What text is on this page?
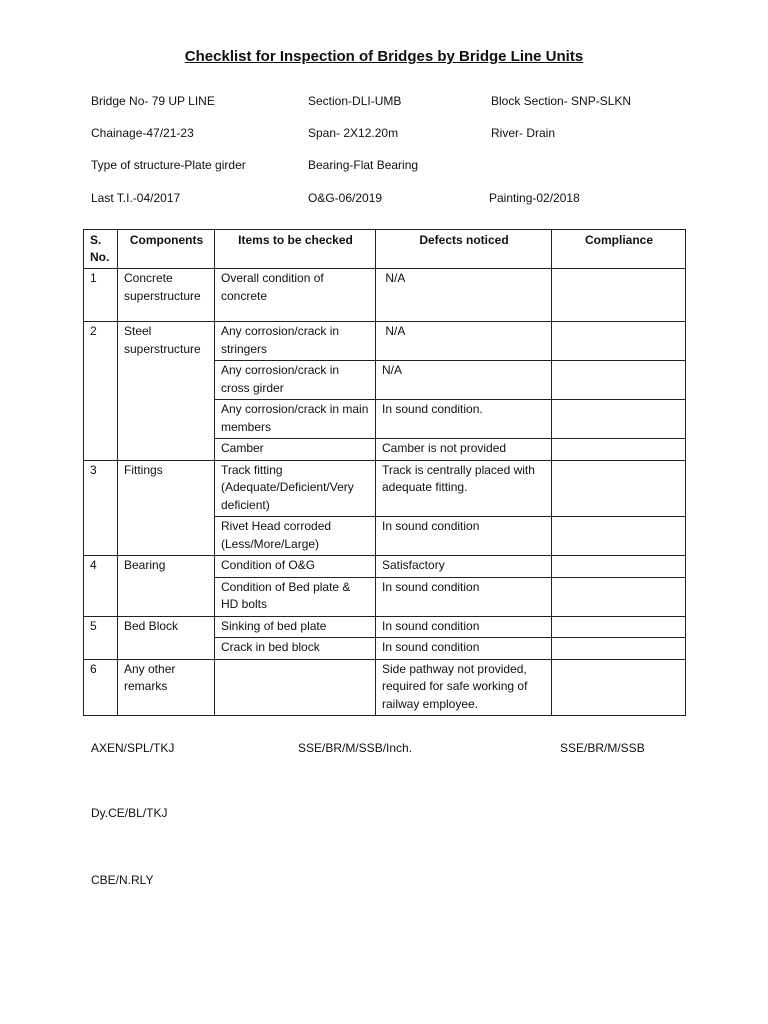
Checklist for Inspection of Bridges by Bridge Line Units
Bridge No- 79 UP LINE	Section-DLI-UMB	Block Section- SNP-SLKN
Chainage-47/21-23	Span- 2X12.20m	River- Drain
Type of structure-Plate girder	Bearing-Flat Bearing
Last T.I.-04/2017	O&G-06/2019	Painting-02/2018
S. No.	Components	Items to be checked	Defects noticed	Compliance
1	Concrete superstructure	Overall condition of concrete	N/A	
2	Steel superstructure	Any corrosion/crack in stringers	N/A	
		Any corrosion/crack in cross girder	N/A	
		Any corrosion/crack in main members	In sound condition.	
		Camber	Camber is not provided	
3	Fittings	Track fitting (Adequate/Deficient/Very deficient)	Track is centrally placed with adequate fitting.	
		Rivet Head corroded (Less/More/Large)	In sound condition	
4	Bearing	Condition of O&G	Satisfactory	
		Condition of Bed plate & HD bolts	In sound condition	
5	Bed Block	Sinking of bed plate	In sound condition	
		Crack in bed block	In sound condition	
6	Any other remarks		Side pathway not provided, required for safe working of railway employee.	
AXEN/SPL/TKJ	SSE/BR/M/SSB/Inch.	SSE/BR/M/SSB
Dy.CE/BL/TKJ
CBE/N.RLY
